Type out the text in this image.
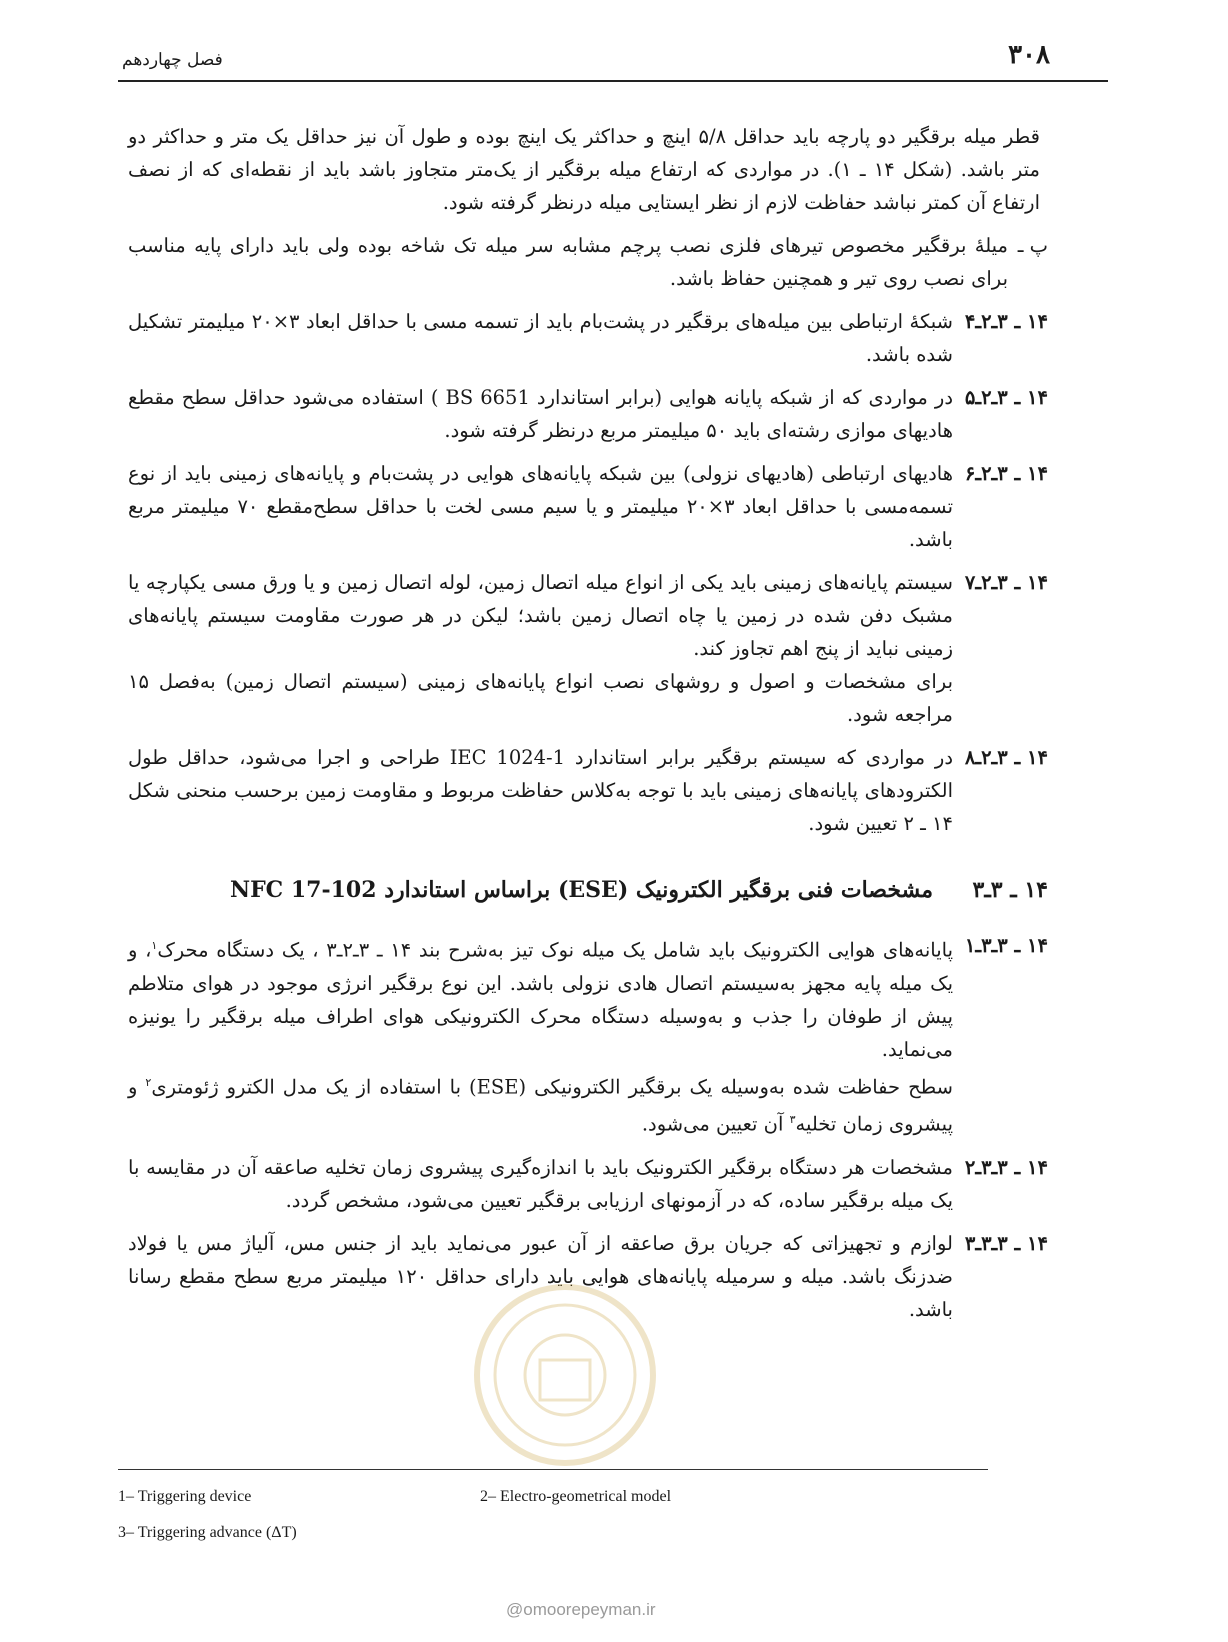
۳۰۸
فصل چهاردهم

قطر میله برقگیر دو پارچه باید حداقل ۵/۸ اینچ و حداکثر یک اینچ بوده و طول آن نیز حداقل یک متر و حداکثر دو متر باشد. (شکل ۱۴ ـ ۱). در مواردی که ارتفاع میله برقگیر از یک‌متر متجاوز باشد باید از نقطه‌ای که از نصف ارتفاع آن کمتر نباشد حفاظت لازم از نظر ایستایی میله درنظر گرفته شود.

پ ـ
میلهٔ برقگیر مخصوص تیرهای فلزی نصب پرچم مشابه سر میله تک شاخه بوده ولی باید دارای پایه مناسب برای نصب روی تیر و همچنین حفاظ باشد.
۱۴ ـ ۳ـ۲ـ۴
شبکهٔ ارتباطی بین میله‌های برقگیر در پشت‌بام باید از تسمه مسی با حداقل ابعاد ۳×۲۰ میلیمتر تشکیل شده باشد.
۱۴ ـ ۳ـ۲ـ۵
در مواردی که از شبکه پایانه هوایی (برابر استاندارد BS 6651 ) استفاده می‌شود حداقل سطح مقطع هادیهای موازی رشته‌ای باید ۵۰ میلیمتر مربع درنظر گرفته شود.
۱۴ ـ ۳ـ۲ـ۶
هادیهای ارتباطی (هادیهای نزولی) بین شبکه پایانه‌های هوایی در پشت‌بام و پایانه‌های زمینی باید از نوع تسمه‌مسی با حداقل ابعاد ۳×۲۰ میلیمتر و یا سیم مسی لخت با حداقل سطح‌مقطع ۷۰ میلیمتر مربع باشد.
۱۴ ـ ۳ـ۲ـ۷
سیستم پایانه‌های زمینی باید یکی از انواع میله اتصال زمین، لوله اتصال زمین و یا ورق مسی یکپارچه یا مشبک دفن شده در زمین یا چاه اتصال زمین باشد؛ لیکن در هر صورت مقاومت سیستم پایانه‌های زمینی نباید از پنج اهم تجاوز کند.
برای مشخصات و اصول و روشهای نصب انواع پایانه‌های زمینی (سیستم اتصال زمین) به‌فصل ۱۵ مراجعه شود.
۱۴ ـ ۳ـ۲ـ۸
در مواردی که سیستم برقگیر برابر استاندارد IEC 1024-1 طراحی و اجرا می‌شود، حداقل طول الکترودهای پایانه‌های زمینی باید با توجه به‌کلاس حفاظت مربوط و مقاومت زمین برحسب منحنی شکل ۱۴ ـ ۲ تعیین شود.
۱۴ ـ ۳ـ۳
مشخصات فنی برقگیر الکترونیک (ESE) براساس استاندارد NFC 17-102
۱۴ ـ ۳ـ۳ـ۱
پایانه‌های هوایی الکترونیک باید شامل یک میله نوک تیز به‌شرح بند ۱۴ ـ ۳ـ۲ـ۳ ، یک دستگاه محرک$^۱$، و یک میله پایه مجهز به‌سیستم اتصال هادی نزولی باشد. این نوع برقگیر انرژی موجود در هوای متلاطم پیش از طوفان را جذب و به‌وسیله دستگاه محرک الکترونیکی هوای اطراف میله برقگیر را یونیزه می‌نماید.
سطح حفاظت شده به‌وسیله یک برقگیر الکترونیکی (ESE) با استفاده از یک مدل الکترو ژئومتری$^۲$ و پیشروی زمان تخلیه$^۳$ آن تعیین می‌شود.
۱۴ ـ ۳ـ۳ـ۲
مشخصات هر دستگاه برقگیر الکترونیک باید با اندازه‌گیری پیشروی زمان تخلیه صاعقه آن در مقایسه با یک میله برقگیر ساده، که در آزمونهای ارزیابی برقگیر تعیین می‌شود، مشخص گردد.
۱۴ ـ ۳ـ۳ـ۳
لوازم و تجهیزاتی که جریان برق صاعقه از آن عبور می‌نماید باید از جنس مس، آلیاژ مس یا فولاد ضدزنگ باشد. میله و سرمیله پایانه‌های هوایی باید دارای حداقل ۱۲۰ میلیمتر مربع سطح مقطع رسانا باشد.
1– Triggering device	2– Electro-geometrical model
3– Triggering advance (ΔT)
@omoorepeyman.ir
